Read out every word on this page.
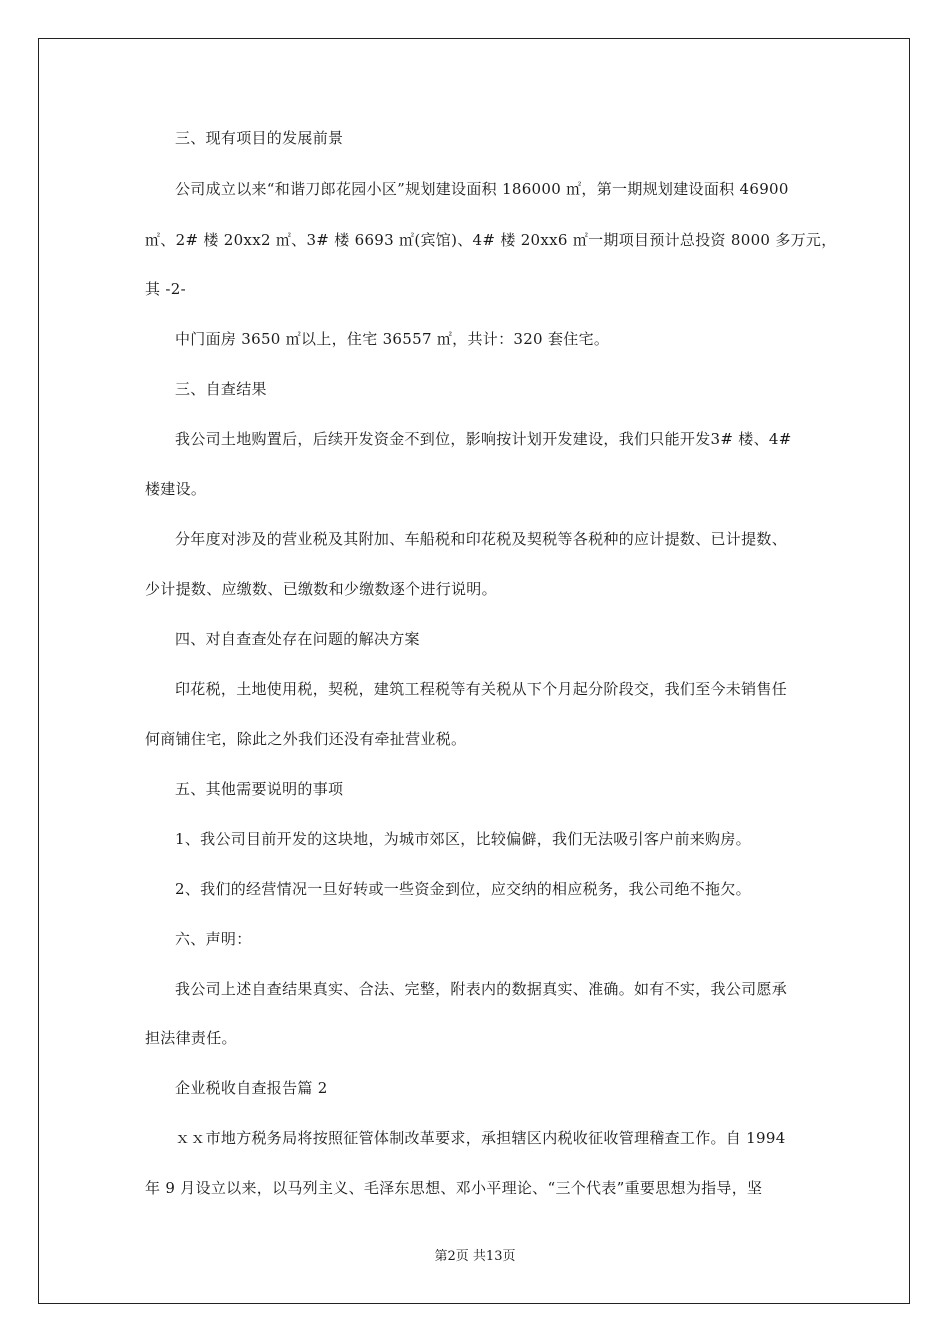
三、现有项目的发展前景
公司成立以来“和谐刀郎花园小区”规划建设面积 186000 ㎡，第一期规划建设面积 46900
㎡、2# 楼 20xx2 ㎡、3# 楼 6693 ㎡(宾馆)、4# 楼 20xx6 ㎡一期项目预计总投资 8000 多万元，
其 -2-
中门面房 3650 ㎡以上，住宅 36557 ㎡，共计：320 套住宅。
三、自查结果
我公司土地购置后，后续开发资金不到位，影响按计划开发建设，我们只能开发3# 楼、4#
楼建设。
分年度对涉及的营业税及其附加、车船税和印花税及契税等各税种的应计提数、已计提数、
少计提数、应缴数、已缴数和少缴数逐个进行说明。
四、对自查查处存在问题的解决方案
印花税，土地使用税，契税，建筑工程税等有关税从下个月起分阶段交，我们至今未销售任
何商铺住宅，除此之外我们还没有牵扯营业税。
五、其他需要说明的事项
1、我公司目前开发的这块地，为城市郊区，比较偏僻，我们无法吸引客户前来购房。
2、我们的经营情况一旦好转或一些资金到位，应交纳的相应税务，我公司绝不拖欠。
六、声明：
我公司上述自查结果真实、合法、完整，附表内的数据真实、准确。如有不实，我公司愿承
担法律责任。
企业税收自查报告篇 2
ｘｘ市地方税务局将按照征管体制改革要求，承担辖区内税收征收管理稽查工作。自 1994
年 9 月设立以来，以马列主义、毛泽东思想、邓小平理论、“三个代表”重要思想为指导，坚
第2页 共13页
